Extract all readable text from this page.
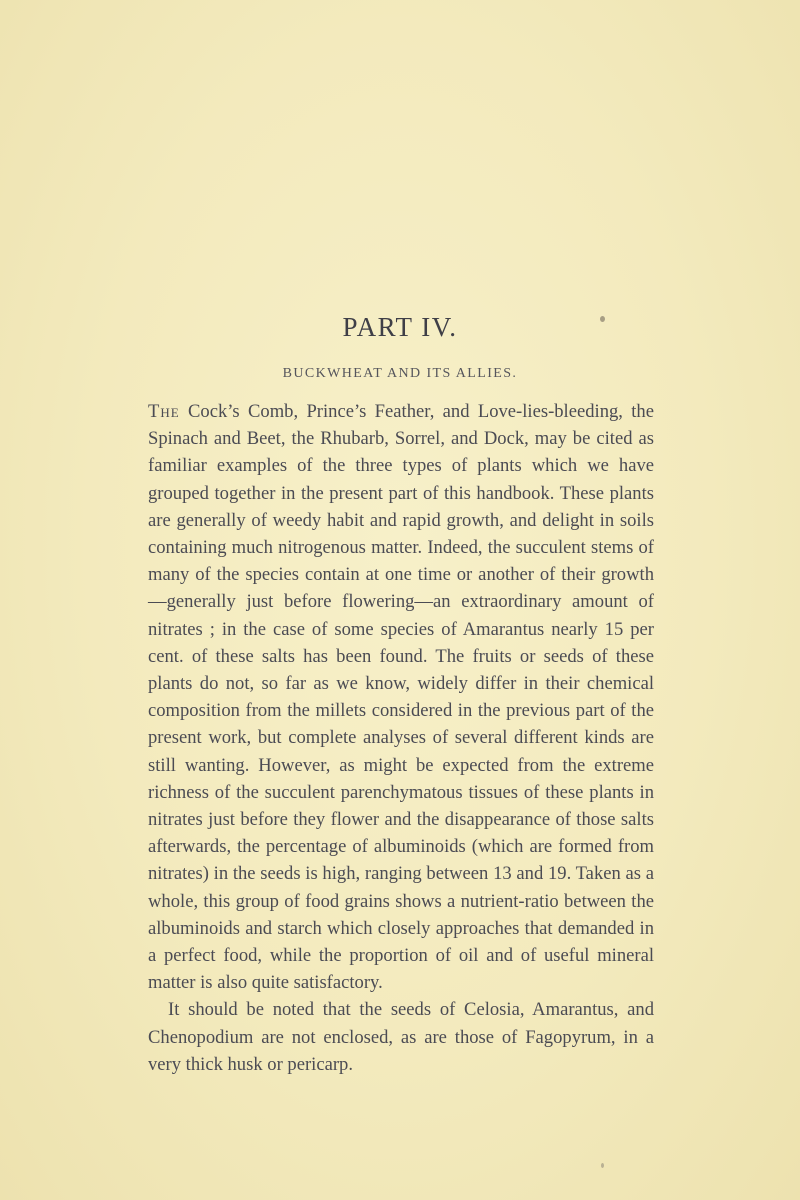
PART IV.
BUCKWHEAT AND ITS ALLIES.

The Cock’s Comb, Prince’s Feather, and Love-lies-bleeding, the Spinach and Beet, the Rhubarb, Sorrel, and Dock, may be cited as familiar examples of the three types of plants which we have grouped together in the present part of this handbook. These plants are generally of weedy habit and rapid growth, and delight in soils containing much nitrogenous matter. Indeed, the succulent stems of many of the species contain at one time or another of their growth—generally just before flowering—an extraordinary amount of nitrates ; in the case of some species of Amarantus nearly 15 per cent. of these salts has been found. The fruits or seeds of these plants do not, so far as we know, widely differ in their chemical composition from the millets considered in the previous part of the present work, but complete analyses of several different kinds are still wanting. However, as might be expected from the extreme richness of the succulent parenchymatous tissues of these plants in nitrates just before they flower and the disappearance of those salts afterwards, the percentage of albuminoids (which are formed from nitrates) in the seeds is high, ranging between 13 and 19. Taken as a whole, this group of food grains shows a nutrient-ratio between the albuminoids and starch which closely approaches that demanded in a perfect food, while the proportion of oil and of useful mineral matter is also quite satisfactory.

It should be noted that the seeds of Celosia, Amarantus, and Chenopodium are not enclosed, as are those of Fagopyrum, in a very thick husk or pericarp.
